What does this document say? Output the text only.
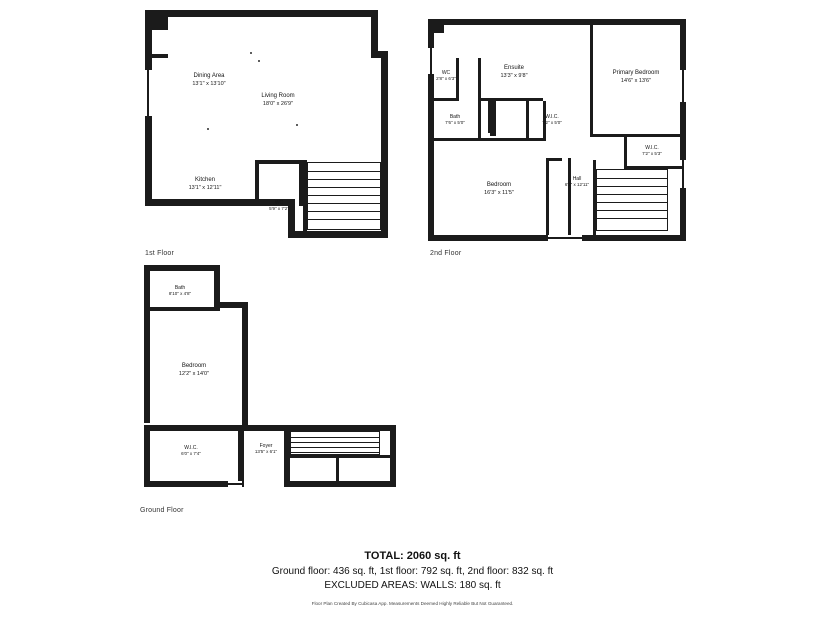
Dining Area
13'1" x 13'10"
Living Room
18'0" x 26'9"
Kitchen
13'1" x 12'11"
WC
5'9" x 7'2"
1st Floor
WC
2'8" x 6'3"
Ensuite
13'3" x 9'8"	Primary Bedroom
14'6" x 13'6"
Bath
7'6" x 5'0"
W.I.C.
7'2" x 5'0"
W.I.C.
7'2" x 5'3"
Hall
6'1" x 12'11"
Bedroom
16'3" x 11'5"
2nd Floor
Bath
8'10" x 4'8"
Bedroom
12'2" x 14'0"
W.I.C.
6'0" x 7'4"
Foyer
13'5" x 6'1"
Ground Floor
TOTAL: 2060 sq. ft
Ground floor: 436 sq. ft, 1st floor: 792 sq. ft, 2nd floor: 832 sq. ft
EXCLUDED AREAS: WALLS: 180 sq. ft
Floor Plan Created By Cubicasa App. Measurements Deemed Highly Reliable But Not Guaranteed.
